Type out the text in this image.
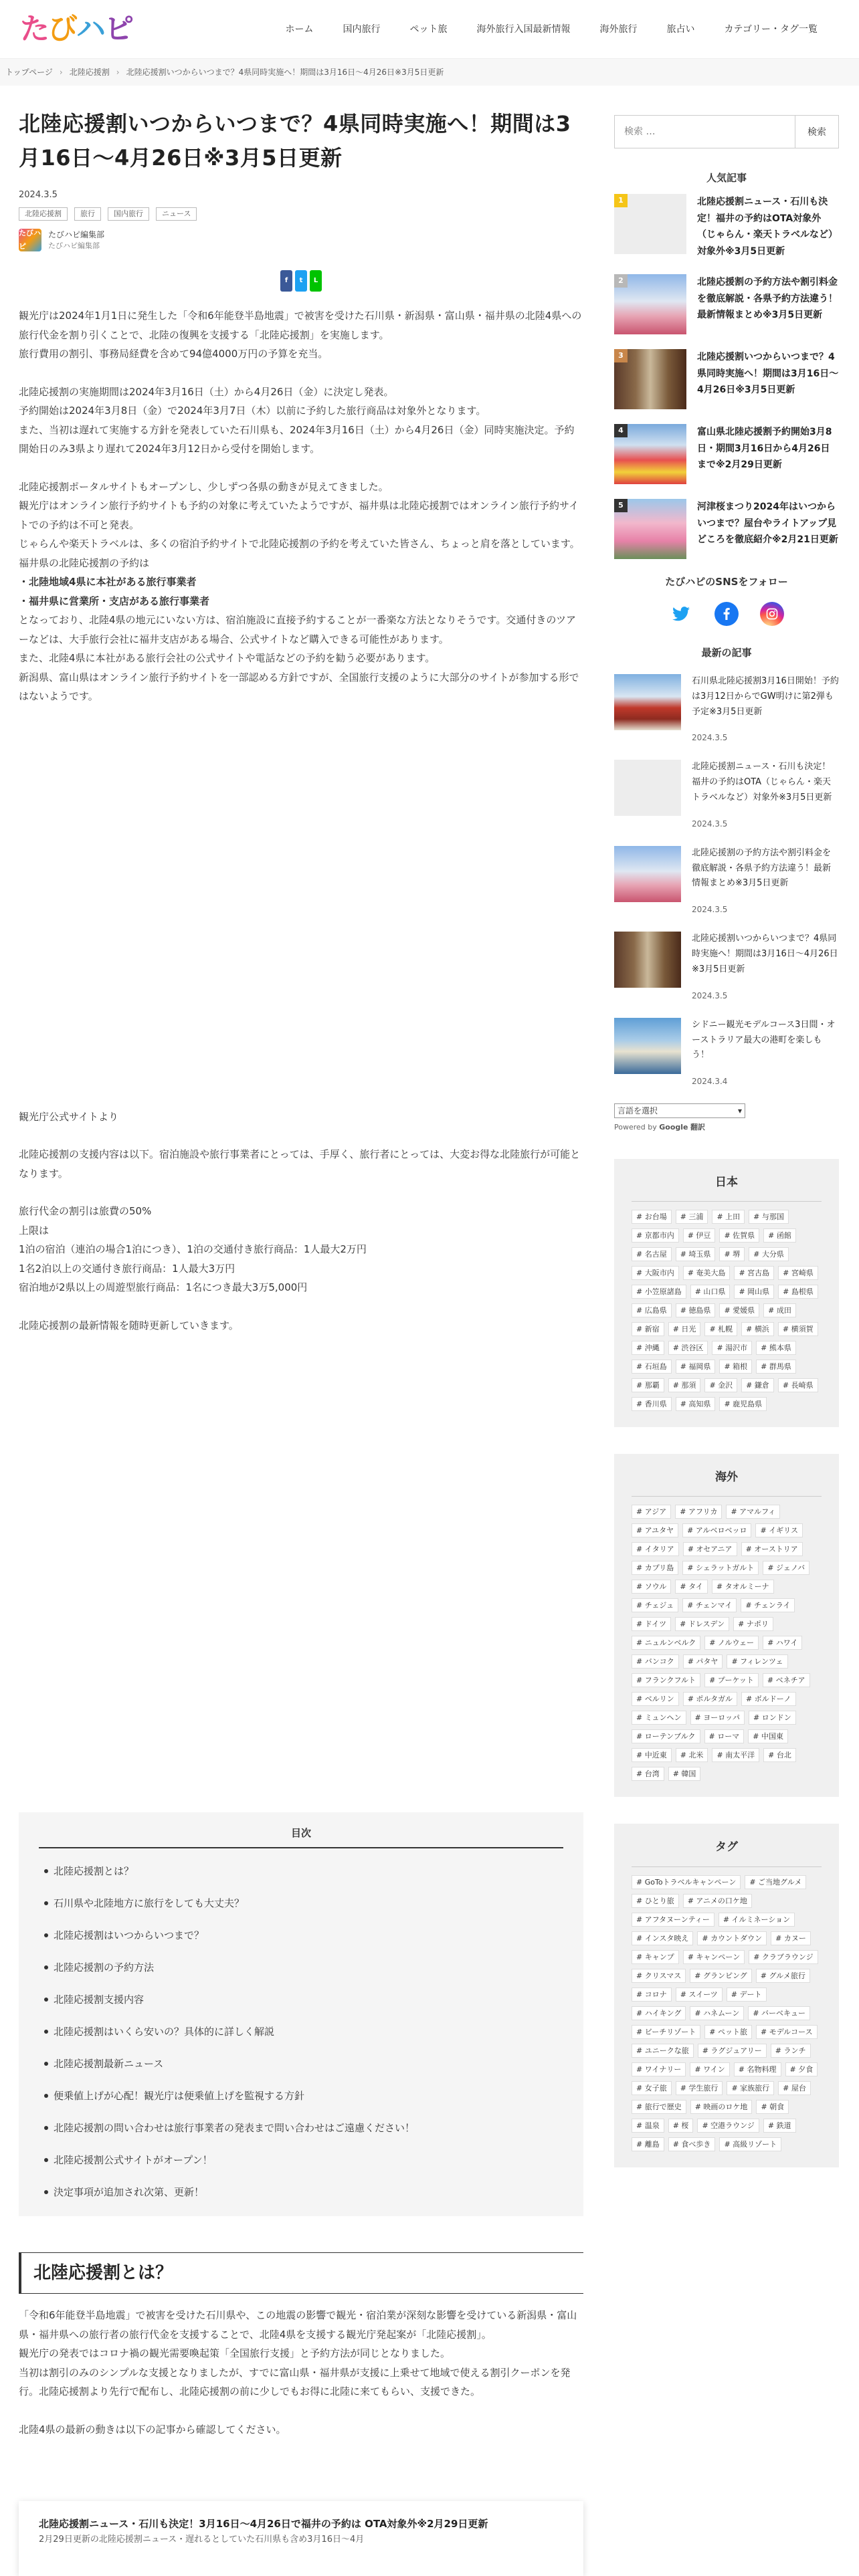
た び ハ ピ	ホーム	国内旅行	ペット旅	海外旅行入国最新情報	海外旅行	旅占い	カテゴリー・タグ一覧
トップページ › 北陸応援割 › 北陸応援割いつからいつまで？4県同時実施へ！期間は3月16日〜4月26日※3月5日更新
北陸応援割いつからいつまで？4県同時実施へ！期間は3月16日〜4月26日※3月5日更新
2024.3.5
北陸応援割	旅行	国内旅行	ニュース
たびハピ
たびハピ編集部
たびハピ編集部
f	t	L

観光庁は2024年1月1日に発生した「令和6年能登半島地震」で被害を受けた石川県・新潟県・富山県・福井県の北陸4県への旅行代金を割り引くことで、北陸の復興を支援する「北陸応援割」を実施します。

旅行費用の割引、事務局経費を含めて94億4000万円の予算を充当。

北陸応援割の実施期間は2024年3月16日（土）から4月26日（金）に決定し発表。

予約開始は2024年3月8日（金）で2024年3月7日（木）以前に予約した旅行商品は対象外となります。

また、当初は遅れて実施する方針を発表していた石川県も、2024年3月16日（土）から4月26日（金）同時実施決定。予約開始日のみ3県より遅れて2024年3月12日から受付を開始します。

北陸応援割ポータルサイトもオープンし、少しずつ各県の動きが見えてきました。

観光庁はオンライン旅行予約サイトも予約の対象に考えていたようですが、福井県は北陸応援割ではオンライン旅行予約サイトでの予約は不可と発表。

じゃらんや楽天トラベルは、多くの宿泊予約サイトで北陸応援割の予約を考えていた皆さん、ちょっと肩を落としています。

福井県の北陸応援割の予約は

・北陸地域4県に本社がある旅行事業者

・福井県に営業所・支店がある旅行事業者

となっており、北陸4県の地元にいない方は、宿泊施設に直接予約することが一番楽な方法となりそうです。交通付きのツアーなどは、大手旅行会社に福井支店がある場合、公式サイトなど購入できる可能性があります。

また、北陸4県に本社がある旅行会社の公式サイトや電話などの予約を勧う必要があります。

新潟県、富山県はオンライン旅行予約サイトを一部認める方針ですが、全国旅行支援のように大部分のサイトが参加する形ではないようです。

観光庁公式サイトより

北陸応援割の支援内容は以下。宿泊施設や旅行事業者にとっては、手厚く、旅行者にとっては、大変お得な北陸旅行が可能となります。

旅行代金の割引は旅費の50%

上限は

1泊の宿泊（連泊の場合1泊につき）、1泊の交通付き旅行商品：1人最大2万円

1名2泊以上の交通付き旅行商品：1人最大3万円

宿泊地が2県以上の周遊型旅行商品：1名につき最大3万5,000円

北陸応援割の最新情報を随時更新していきます。

目次
北陸応援割とは？
石川県や北陸地方に旅行をしても大丈夫？
北陸応援割はいつからいつまで？
北陸応援割の予約方法
北陸応援割支援内容
北陸応援割はいくら安いの？具体的に詳しく解説
北陸応援割最新ニュース
便乗値上げが心配！観光庁は便乗値上げを監視する方針
北陸応援割の問い合わせは旅行事業者の発表まで問い合わせはご遠慮ください！
北陸応援割公式サイトがオープン！
決定事項が追加され次第、更新！
北陸応援割とは？

「令和6年能登半島地震」で被害を受けた石川県や、この地震の影響で観光・宿泊業が深刻な影響を受けている新潟県・富山県・福井県への旅行者の旅行代金を支援することで、北陸4県を支援する観光庁発起案が「北陸応援割」。

観光庁の発表ではコロナ禍の観光需要喚起策「全国旅行支援」と予約方法が同じとなりました。

当初は割引のみのシンプルな支援となりましたが、すでに富山県・福井県が支援に上乗せて地域で使える割引クーポンを発行。北陸応援割より先行で配布し、北陸応援割の前に少しでもお得に北陸に来てもらい、支援できた。

北陸4県の最新の動きは以下の記事から確認してください。

北陸応援割ニュース・石川も決定！3月16日〜4月26日で福井の予約は OTA対象外※2月29日更新
2月29日更新の北陸応援割ニュース・遅れるとしていた石川県も含め3月16日〜4月
検索 …
検索
人気記事
1	北陸応援割ニュース・石川も決定！福井の予約はOTA対象外（じゃらん・楽天トラベルなど）対象外※3月5日更新
2	北陸応援割の予約方法や割引料金を徹底解説・各県予約方法違う！最新情報まとめ※3月5日更新
3	北陸応援割いつからいつまで？4県同時実施へ！期間は3月16日〜4月26日※3月5日更新
4	富山県北陸応援割予約開始3月8日・期間3月16日から4月26日まで※2月29日更新
5	河津桜まつり2024年はいつからいつまで？屋台やライトアップ見どころを徹底紹介※2月21日更新
たびハピのSNSをフォロー
最新の記事
石川県北陸応援割3月16日開始！予約は3月12日からでGW明けに第2弾も予定※3月5日更新
2024.3.5
北陸応援割ニュース・石川も決定！福井の予約はOTA（じゃらん・楽天トラベルなど）対象外※3月5日更新
2024.3.5
北陸応援割の予約方法や割引料金を徹底解説・各県予約方法違う！最新情報まとめ※3月5日更新
2024.3.5
北陸応援割いつからいつまで？4県同時実施へ！期間は3月16日〜4月26日※3月5日更新
2024.3.5
シドニー観光モデルコース3日間・オーストラリア最大の港町を楽しもう！
2024.3.4
言語を選択	▾
Powered by Google 翻訳
日本
# お台場	# 三浦	# 上田	# 与那国
# 京都市内	# 伊豆	# 佐賀県	# 函館
# 名古屋	# 埼玉県	# 堺	# 大分県
# 大阪市内	# 奄美大島	# 宮古島	# 宮崎県
# 小笠原諸島	# 山口県	# 岡山県	# 島根県
# 広島県	# 徳島県	# 愛媛県	# 成田
# 新宿	# 日光	# 札幌	# 横浜	# 横須賀
# 沖縄	# 渋谷区	# 湯沢市	# 熊本県
# 石垣島	# 福岡県	# 箱根	# 群馬県
# 那覇	# 那須	# 金沢	# 鎌倉	# 長崎県
# 香川県	# 高知県	# 鹿児島県
海外
# アジア	# アフリカ	# アマルフィ
# アユタヤ	# アルベロベッロ	# イギリス
# イタリア	# オセアニア	# オーストリア
# カプリ島	# シェラットガルト	# ジェノバ
# ソウル	# タイ	# タオルミーナ
# チェジュ	# チェンマイ	# チェンライ
# ドイツ	# ドレスデン	# ナポリ
# ニュルンベルク	# ノルウェー	# ハワイ
# バンコク	# パタヤ	# フィレンツェ
# フランクフルト	# プーケット	# ベネチア
# ベルリン	# ポルタガル	# ボルドーノ
# ミュンヘン	# ヨーロッパ	# ロンドン
# ローテンブルク	# ローマ	# 中国東
# 中近東	# 北米	# 南太平洋	# 台北
# 台湾	# 韓国
タグ
# GoToトラベルキャンペーン	# ご当地グルメ
# ひとり旅	# アニメの口ケ地
# アフタヌーンティー	# イルミネーション
# インスタ映え	# カウントダウン	# カヌー
# キャンプ	# キャンペーン	# クラブラウンジ
# クリスマス	# グランピング	# グルメ旅行
# コロナ	# スイーツ	# デート
# ハイキング	# ハネムーン	# バーベキュー
# ビーチリゾート	# ペット旅	# モデルコース
# ユニークな旅	# ラグジュアリー	# ランチ
# ワイナリー	# ワイン	# 名物料理	# 夕食
# 女子旅	# 学生旅行	# 家族旅行	# 屋台
# 旅行で歴史	# 映画のロケ地	# 朝食
# 温泉	# 桜	# 空港ラウンジ	# 鉄道
# 離島	# 食べ歩き	# 高級リゾート
